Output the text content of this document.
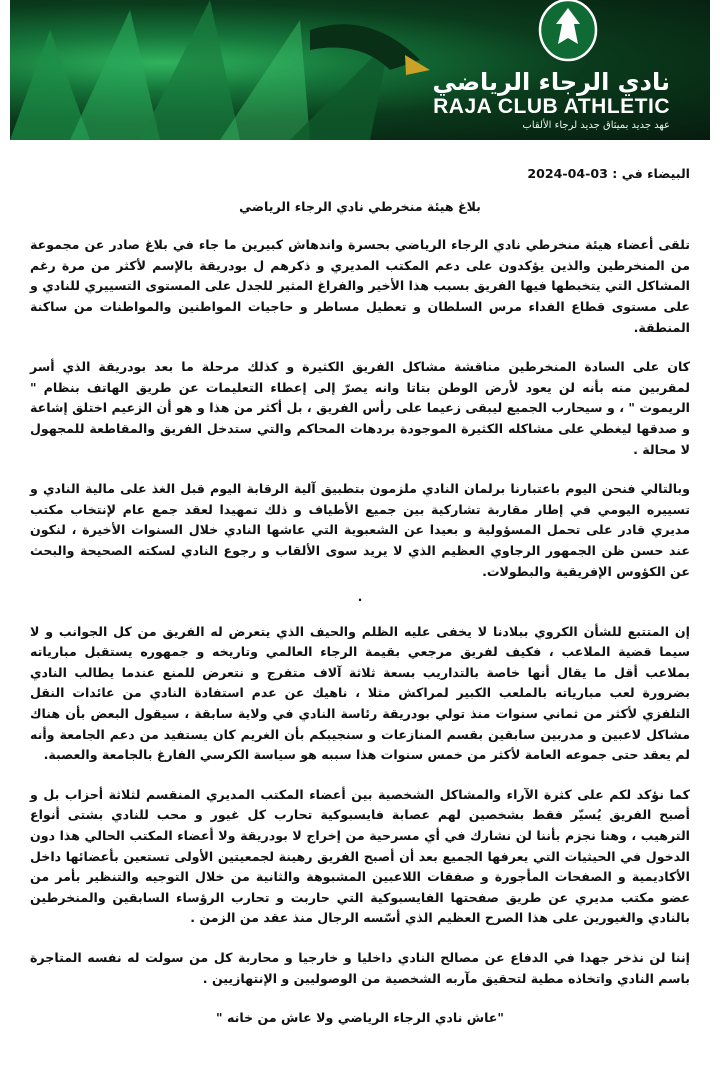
نادي الرجاء الرياضي
RAJA CLUB ATHLETIC
عهد جديد بميثاق جديد لرجاء الألقاب
البيضاء في : 2024-04-03
بلاغ هيئة منخرطي نادي الرجاء الرياضي

تلقى أعضاء هيئة منخرطي نادي الرجاء الرياضي بحسرة واندهاش كبيرين ما جاء في بلاغ صادر عن مجموعة من المنخرطين والذين يؤكدون على دعم المكتب المديري و ذكرهم ل بودريقة بالإسم لأكثر من مرة رغم المشاكل التي يتخبطها فيها الفريق بسبب هذا الأخير والفراغ المثير للجدل على المستوى التسييري للنادي و على مستوى قطاع الفداء مرس السلطان و تعطيل مساطر و حاجيات المواطنين والمواطنات من ساكنة المنطقة.

كان على السادة المنخرطين مناقشة مشاكل الفريق الكثيرة و كذلك مرحلة ما بعد بودريقة الذي أسر لمقربين منه بأنه لن يعود لأرض الوطن بتاتا وانه يصرّ إلى إعطاء التعليمات عن طريق الهاتف بنظام " الريموت " ، و سيحارب الجميع ليبقى زعيما على رأس الفريق ، بل أكثر من هذا و هو أن الزعيم اختلق إشاعة و صدقها ليغطي على مشاكله الكثيرة الموجودة بردهات المحاكم والتي ستدخل الفريق والمقاطعة للمجهول لا محالة .

وبالتالي فنحن اليوم باعتبارنا برلمان النادي ملزمون بتطبيق آلية الرقابة اليوم قبل الغذ على مالية النادي و تسييره اليومي في إطار مقاربة تشاركية بين جميع الأطياف و ذلك تمهيدا لعقد جمع عام لإنتخاب مكتب مديري قادر على تحمل المسؤولية و بعيدا عن الشعبوية التي عاشها النادي خلال السنوات الأخيرة ، لنكون عند حسن ظن الجمهور الرجاوي العظيم الذي لا يريد سوى الألقاب و رجوع النادي لسكته الصحيحة والبحث عن الكؤوس الإفريقية والبطولات.

.

إن المتتبع للشأن الكروي ببلادنا لا يخفى عليه الظلم والحيف الذي يتعرض له الفريق من كل الجوانب و لا سيما قضية الملاعب ، فكيف لفريق مرجعي بقيمة الرجاء العالمي وتاريخه و جمهوره يستقبل مبارياته بملاعب أقل ما يقال أنها خاصة بالتداريب بسعة ثلاثة آلاف متفرج و نتعرض للمنع عندما يطالب النادي بضرورة لعب مبارياته بالملعب الكبير لمراكش مثلا ، ناهيك عن عدم استفادة النادي من عائدات النقل التلفزي لأكثر من ثماني سنوات منذ تولي بودريقة رئاسة النادي في ولاية سابقة ، سيقول البعض بأن هناك مشاكل لاعبين و مدربين سابقين بقسم المنازعات و سنجيبكم بأن الغريم كان يستفيد من دعم الجامعة وأنه لم يعقد حتى جموعه العامة لأكثر من خمس سنوات هذا سببه هو سياسة الكرسي الفارغ بالجامعة والعصبة.

كما نؤكد لكم على كثرة الآراء والمشاكل الشخصية بين أعضاء المكتب المديري المنقسم لثلاثة أحزاب بل و أصبح الفريق يُسيّر فقط بشخصين لهم عصابة فايسبوكية تحارب كل غيور و محب للنادي بشتى أنواع الترهيب ، وهنا نجزم بأننا لن نشارك في أي مسرحية من إخراج لا بودريقة ولا أعضاء المكتب الحالي هذا دون الدخول في الحيثيات التي يعرفها الجميع بعد أن أصبح الفريق رهينة لجمعيتين الأولى تستعين بأعضائها داخل الأكاديمية و الصفحات المأجورة و صفقات اللاعبين المشبوهة والثانية من خلال التوجيه والتنظير بأمر من عضو مكتب مديري عن طريق صفحتها الفايسبوكية التي حاربت و تحارب الرؤساء السابقين والمنخرطين بالنادي والغيورين على هذا الصرح العظيم الذي أسّسه الرجال منذ عقد من الزمن .

إننا لن نذخر جهدا في الدفاع عن مصالح النادي داخليا و خارجيا و محاربة كل من سولت له نفسه المتاجرة باسم النادي واتخاذه مطية لتحقيق مآربه الشخصية من الوصوليين و الإنتهازيين .

"عاش نادي الرجاء الرياضي ولا عاش من خانه "
